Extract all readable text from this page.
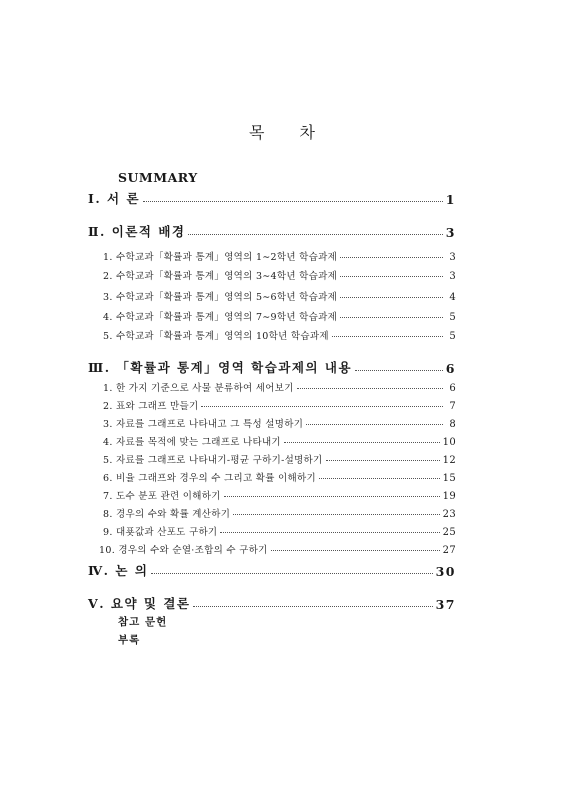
목 차
SUMMARY
Ⅰ. 서 론	1
Ⅱ. 이론적 배경	3
1. 수학교과「확률과 통계」영역의 1∼2학년 학습과제	3
2. 수학교과「확률과 통계」영역의 3∼4학년 학습과제	3
3. 수학교과「확률과 통계」영역의 5∼6학년 학습과제	4
4. 수학교과「확률과 통계」영역의 7∼9학년 학습과제	5
5. 수학교과「확률과 통계」영역의 10학년 학습과제	5
Ⅲ. 「확률과 통계」영역 학습과제의 내용	6
1. 한 가지 기준으로 사물 분류하여 세어보기	6
2. 표와 그래프 만들기	7
3. 자료를 그래프로 나타내고 그 특성 설명하기	8
4. 자료를 목적에 맞는 그래프로 나타내기	10
5. 자료를 그래프로 나타내기-평균 구하기-설명하기	12
6. 비율 그래프와 경우의 수 그리고 확률 이해하기	15
7. 도수 분포 관련 이해하기	19
8. 경우의 수와 확률 계산하기	23
9. 대푯값과 산포도 구하기	25
10. 경우의 수와 순열·조합의 수 구하기	27
Ⅳ. 논 의	30
Ⅴ. 요약 및 결론	37
참고 문헌
부록
